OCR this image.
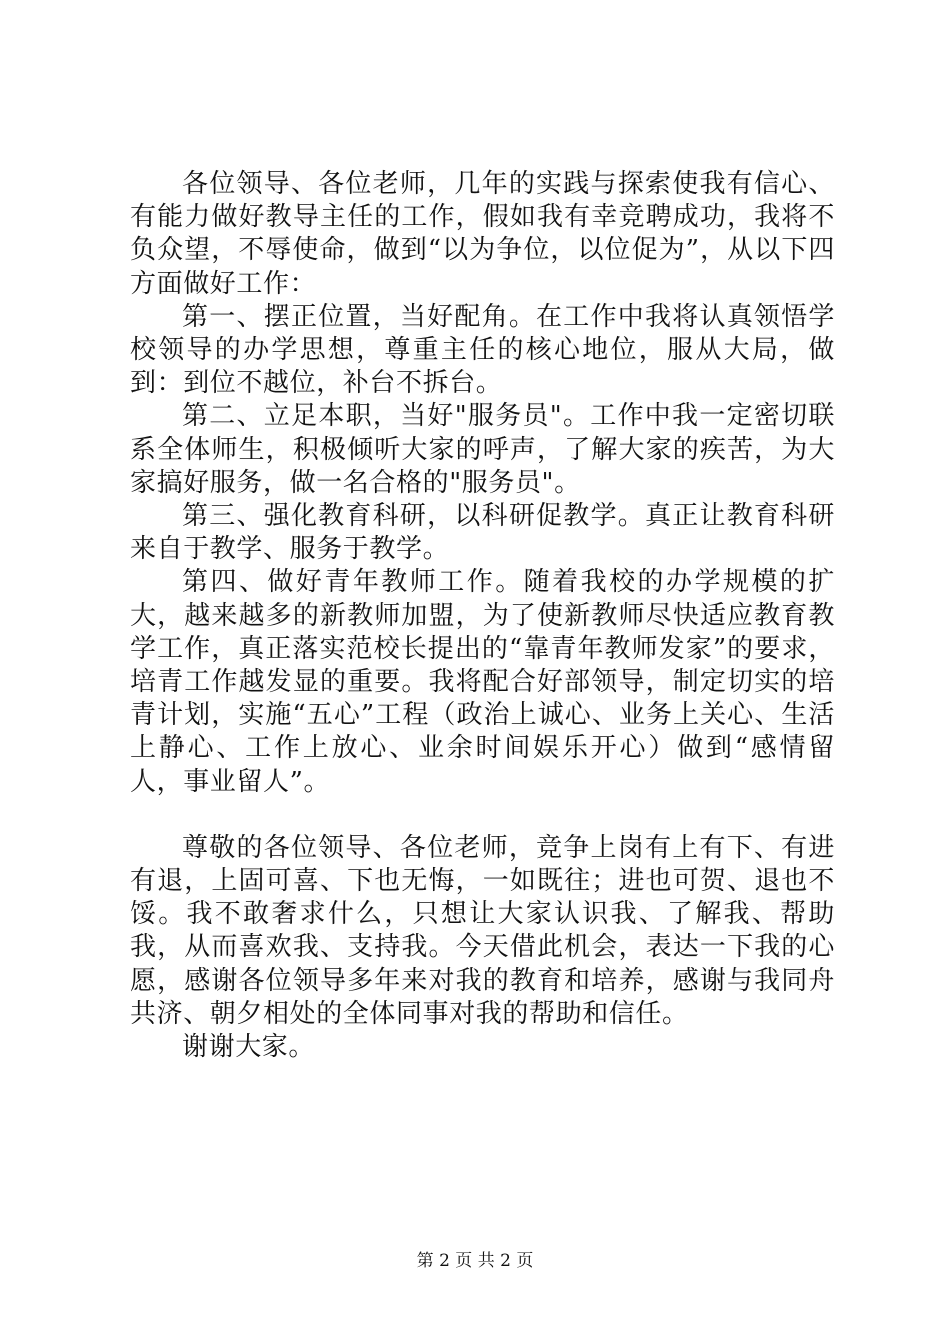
各位领导、各位老师，几年的实践与探索使我有信心、有能力做好教导主任的工作，假如我有幸竞聘成功，我将不负众望，不辱使命，做到“以为争位，以位促为”，从以下四方面做好工作：

第一、摆正位置，当好配角。在工作中我将认真领悟学校领导的办学思想，尊重主任的核心地位，服从大局，做到：到位不越位，补台不拆台。

第二、立足本职，当好"服务员"。工作中我一定密切联系全体师生，积极倾听大家的呼声，了解大家的疾苦，为大家搞好服务，做一名合格的"服务员"。

第三、强化教育科研，以科研促教学。真正让教育科研来自于教学、服务于教学。

第四、做好青年教师工作。随着我校的办学规模的扩大，越来越多的新教师加盟，为了使新教师尽快适应教育教学工作，真正落实范校长提出的“靠青年教师发家”的要求，培青工作越发显的重要。我将配合好部领导，制定切实的培青计划，实施“五心”工程（政治上诚心、业务上关心、生活上静心、工作上放心、业余时间娱乐开心）做到“感情留人，事业留人”。

尊敬的各位领导、各位老师，竞争上岗有上有下、有进有退，上固可喜、下也无悔，一如既往；进也可贺、退也不馁。我不敢奢求什么，只想让大家认识我、了解我、帮助我，从而喜欢我、支持我。今天借此机会，表达一下我的心愿，感谢各位领导多年来对我的教育和培养，感谢与我同舟共济、朝夕相处的全体同事对我的帮助和信任。

谢谢大家。

第 2 页 共 2 页
